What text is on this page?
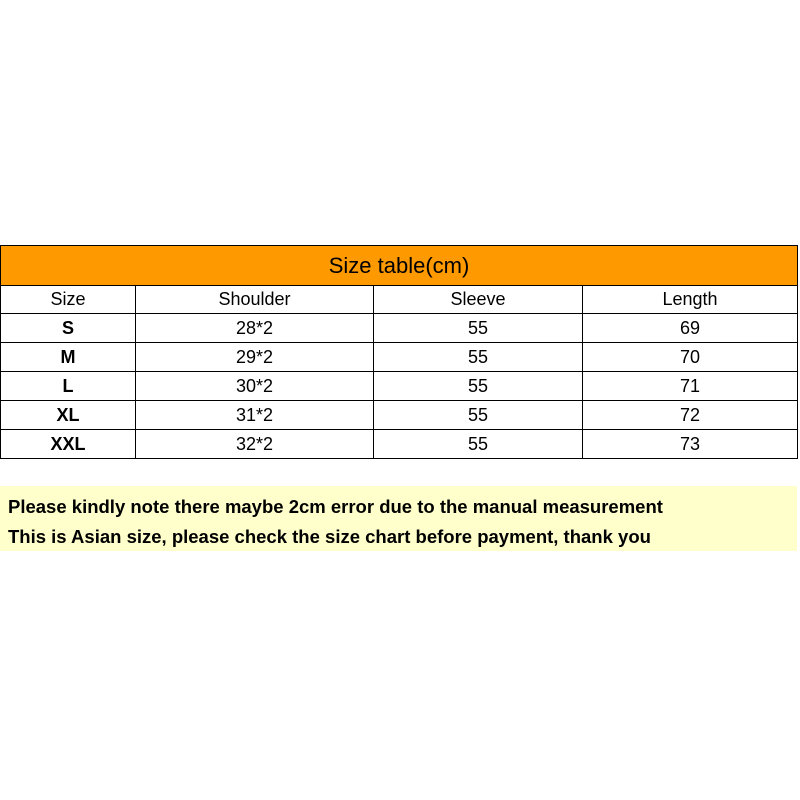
Size table(cm)			
Size	Shoulder	Sleeve	Length
S	28*2	55	69
M	29*2	55	70
L	30*2	55	71
XL	31*2	55	72
XXL	32*2	55	73
Please kindly note there maybe 2cm error due to the manual measurement
This is Asian size, please check the size chart before payment, thank you
